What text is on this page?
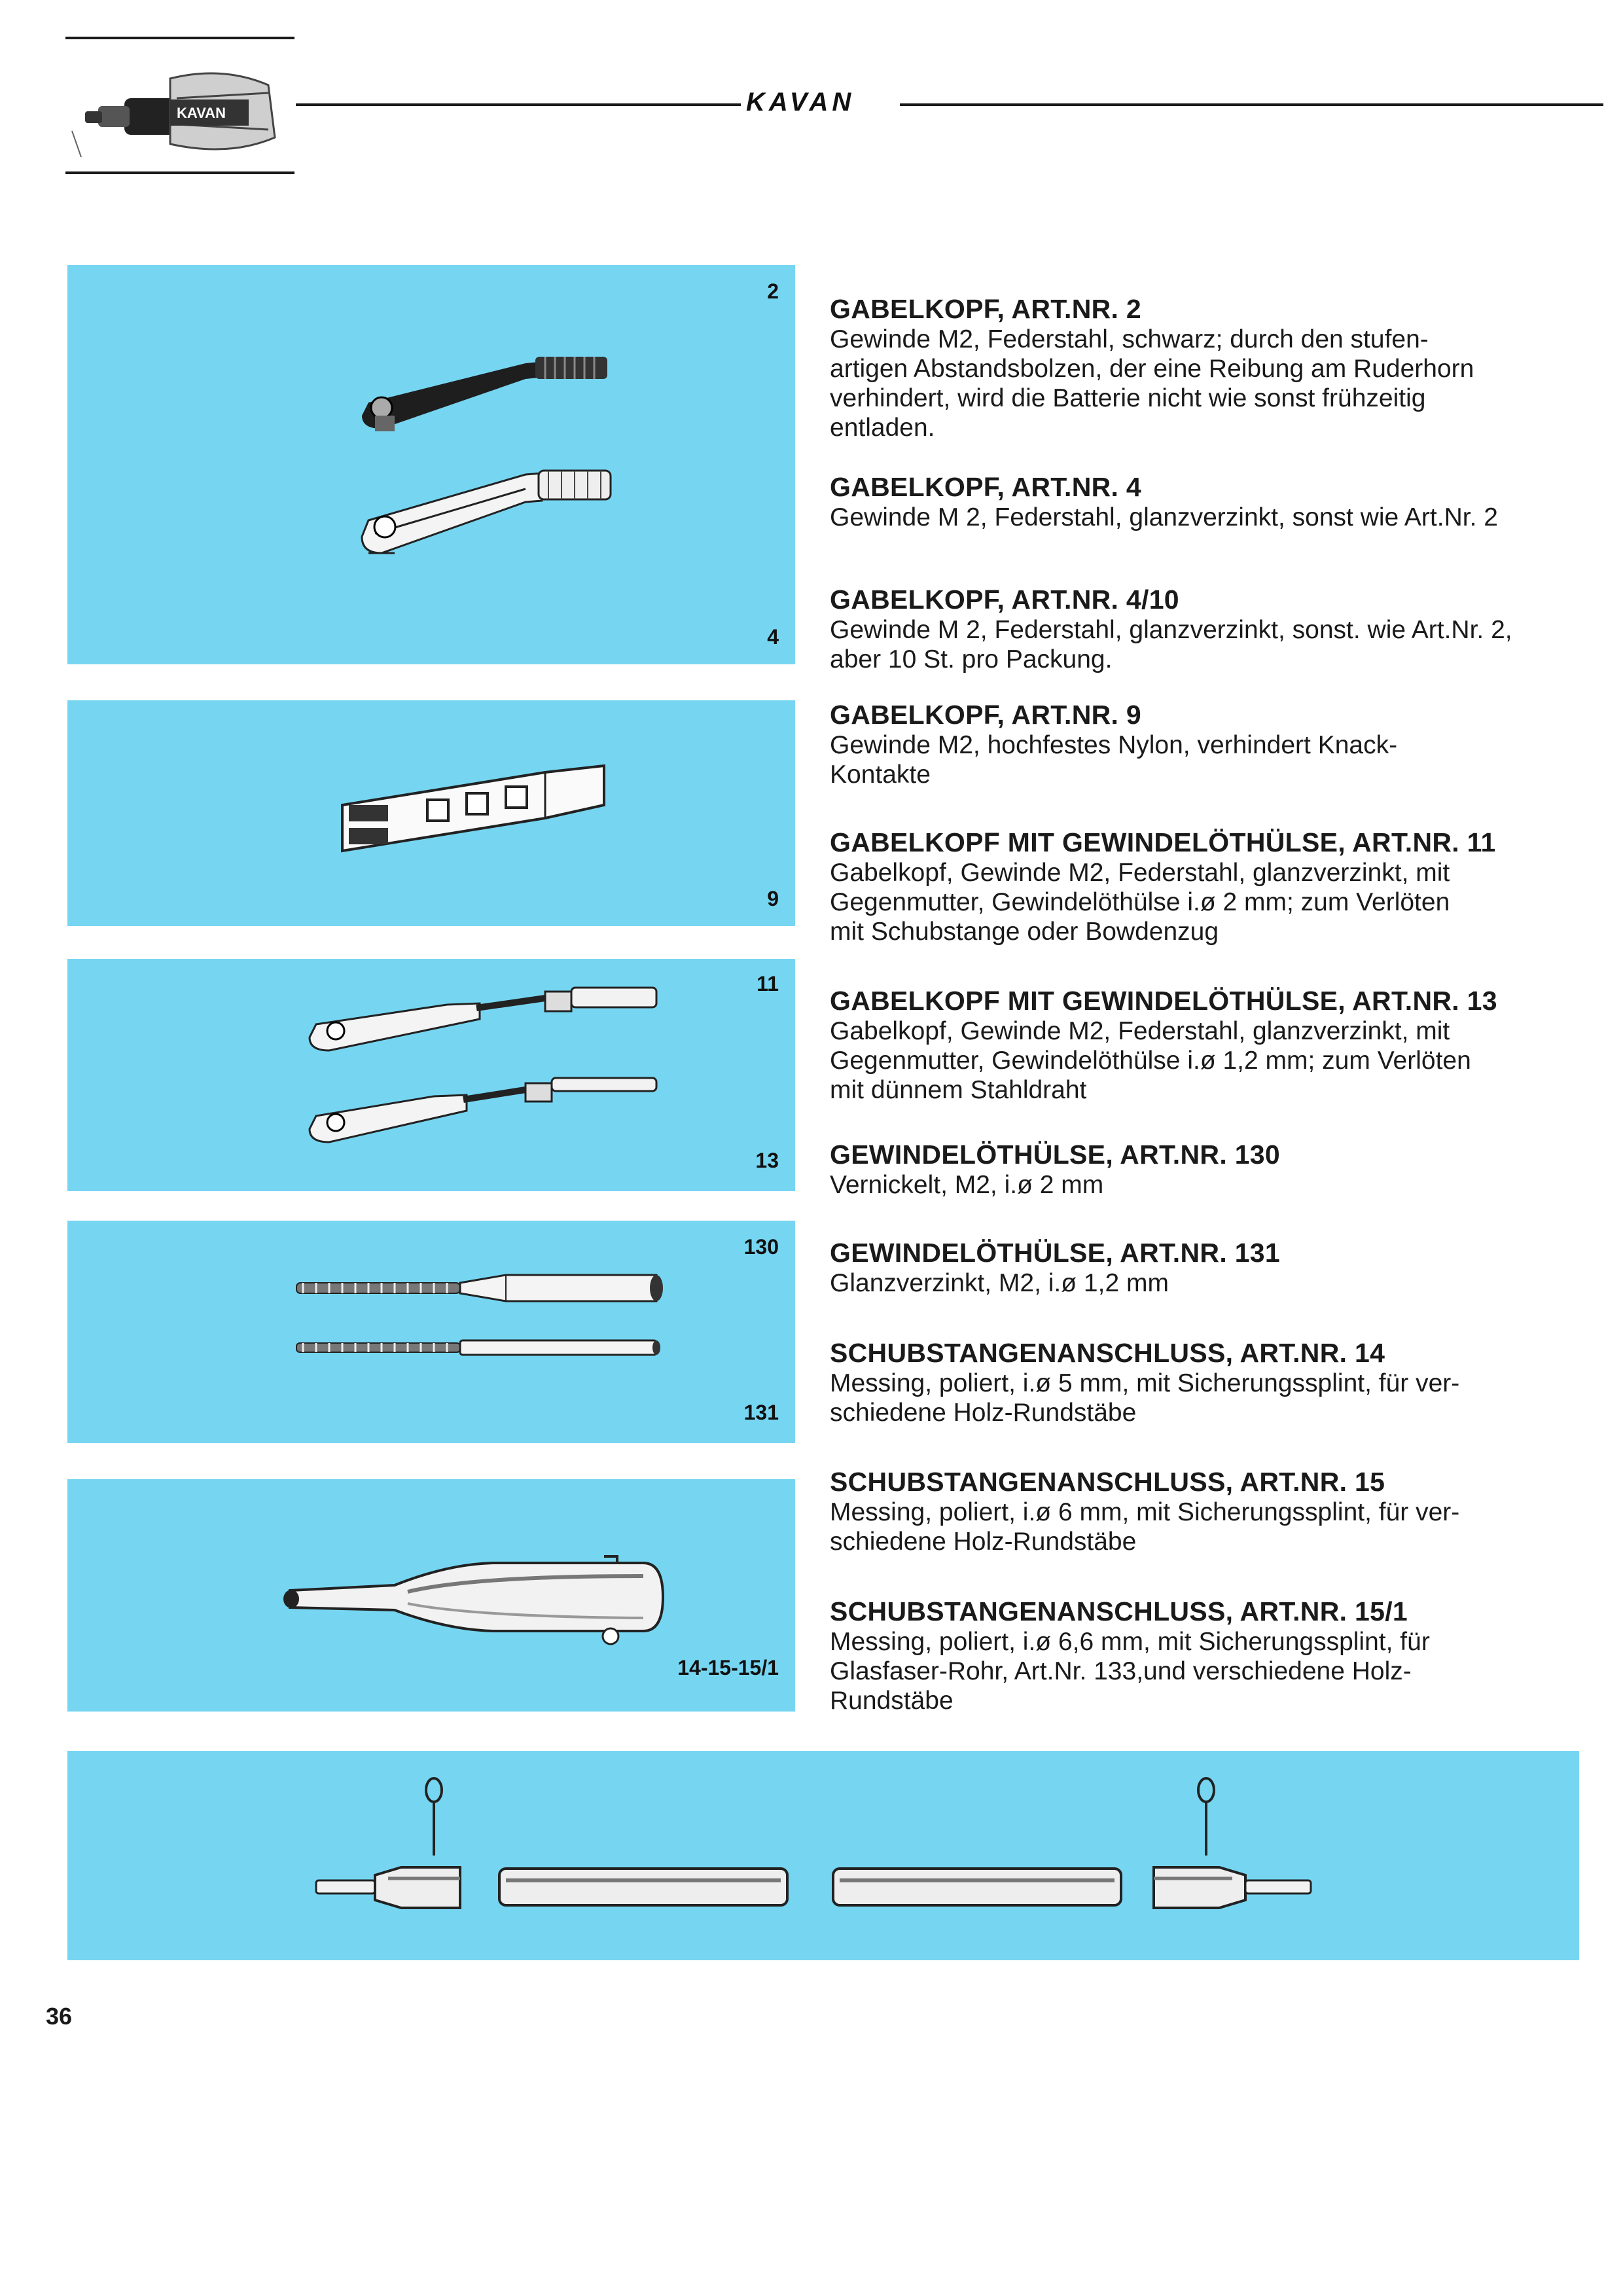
KAVAN	KAVAN
2
4
9
11
13
130
131
14-15-15/1
GABELKOPF, ART.NR. 2
Gewinde M2, Federstahl, schwarz; durch den stufen-
artigen Abstandsbolzen, der eine Reibung am Ruderhorn
verhindert, wird die Batterie nicht wie sonst frühzeitig
entladen.
GABELKOPF, ART.NR. 4
Gewinde M 2, Federstahl, glanzverzinkt, sonst wie Art.Nr. 2
GABELKOPF, ART.NR. 4/10
Gewinde M 2, Federstahl, glanzverzinkt, sonst. wie Art.Nr. 2,
aber 10 St. pro Packung.
GABELKOPF, ART.NR. 9
Gewinde M2, hochfestes Nylon, verhindert Knack-
Kontakte
GABELKOPF MIT GEWINDELÖTHÜLSE, ART.NR. 11
Gabelkopf, Gewinde M2, Federstahl, glanzverzinkt, mit
Gegenmutter, Gewindelöthülse i.ø 2 mm; zum Verlöten
mit Schubstange oder Bowdenzug
GABELKOPF MIT GEWINDELÖTHÜLSE, ART.NR. 13
Gabelkopf, Gewinde M2, Federstahl, glanzverzinkt, mit
Gegenmutter, Gewindelöthülse i.ø 1,2 mm; zum Verlöten
mit dünnem Stahldraht
GEWINDELÖTHÜLSE, ART.NR. 130
Vernickelt, M2, i.ø 2 mm
GEWINDELÖTHÜLSE, ART.NR. 131
Glanzverzinkt, M2, i.ø 1,2 mm
SCHUBSTANGENANSCHLUSS, ART.NR. 14
Messing, poliert, i.ø 5 mm, mit Sicherungssplint, für ver-
schiedene Holz-Rundstäbe
SCHUBSTANGENANSCHLUSS, ART.NR. 15
Messing, poliert, i.ø 6 mm, mit Sicherungssplint, für ver-
schiedene Holz-Rundstäbe
SCHUBSTANGENANSCHLUSS, ART.NR. 15/1
Messing, poliert, i.ø 6,6 mm, mit Sicherungssplint, für
Glasfaser-Rohr, Art.Nr. 133,und verschiedene Holz-
Rundstäbe
36
